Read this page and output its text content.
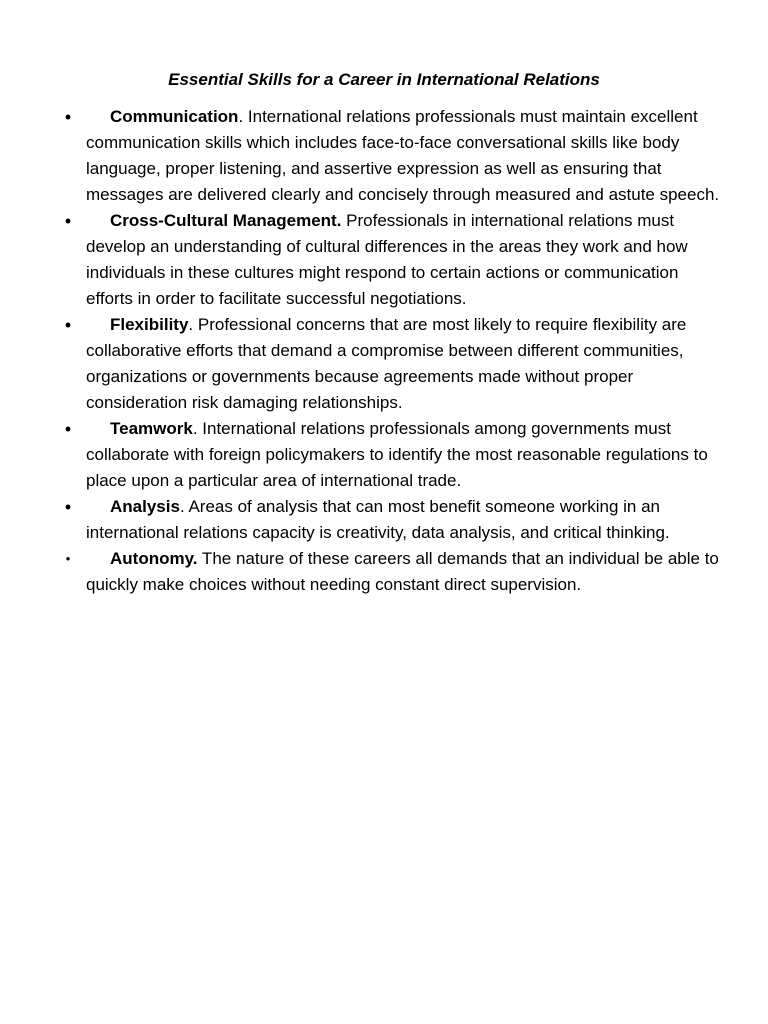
Essential Skills for a Career in International Relations
• Communication. International relations professionals must maintain excellent communication skills which includes face-to-face conversational skills like body language, proper listening, and assertive expression as well as ensuring that messages are delivered clearly and concisely through measured and astute speech.
• Cross-Cultural Management. Professionals in international relations must develop an understanding of cultural differences in the areas they work and how individuals in these cultures might respond to certain actions or communication efforts in order to facilitate successful negotiations.
• Flexibility. Professional concerns that are most likely to require flexibility are collaborative efforts that demand a compromise between different communities, organizations or governments because agreements made without proper consideration risk damaging relationships.
• Teamwork. International relations professionals among governments must collaborate with foreign policymakers to identify the most reasonable regulations to place upon a particular area of international trade.
• Analysis. Areas of analysis that can most benefit someone working in an international relations capacity is creativity, data analysis, and critical thinking.
• Autonomy. The nature of these careers all demands that an individual be able to quickly make choices without needing constant direct supervision.
